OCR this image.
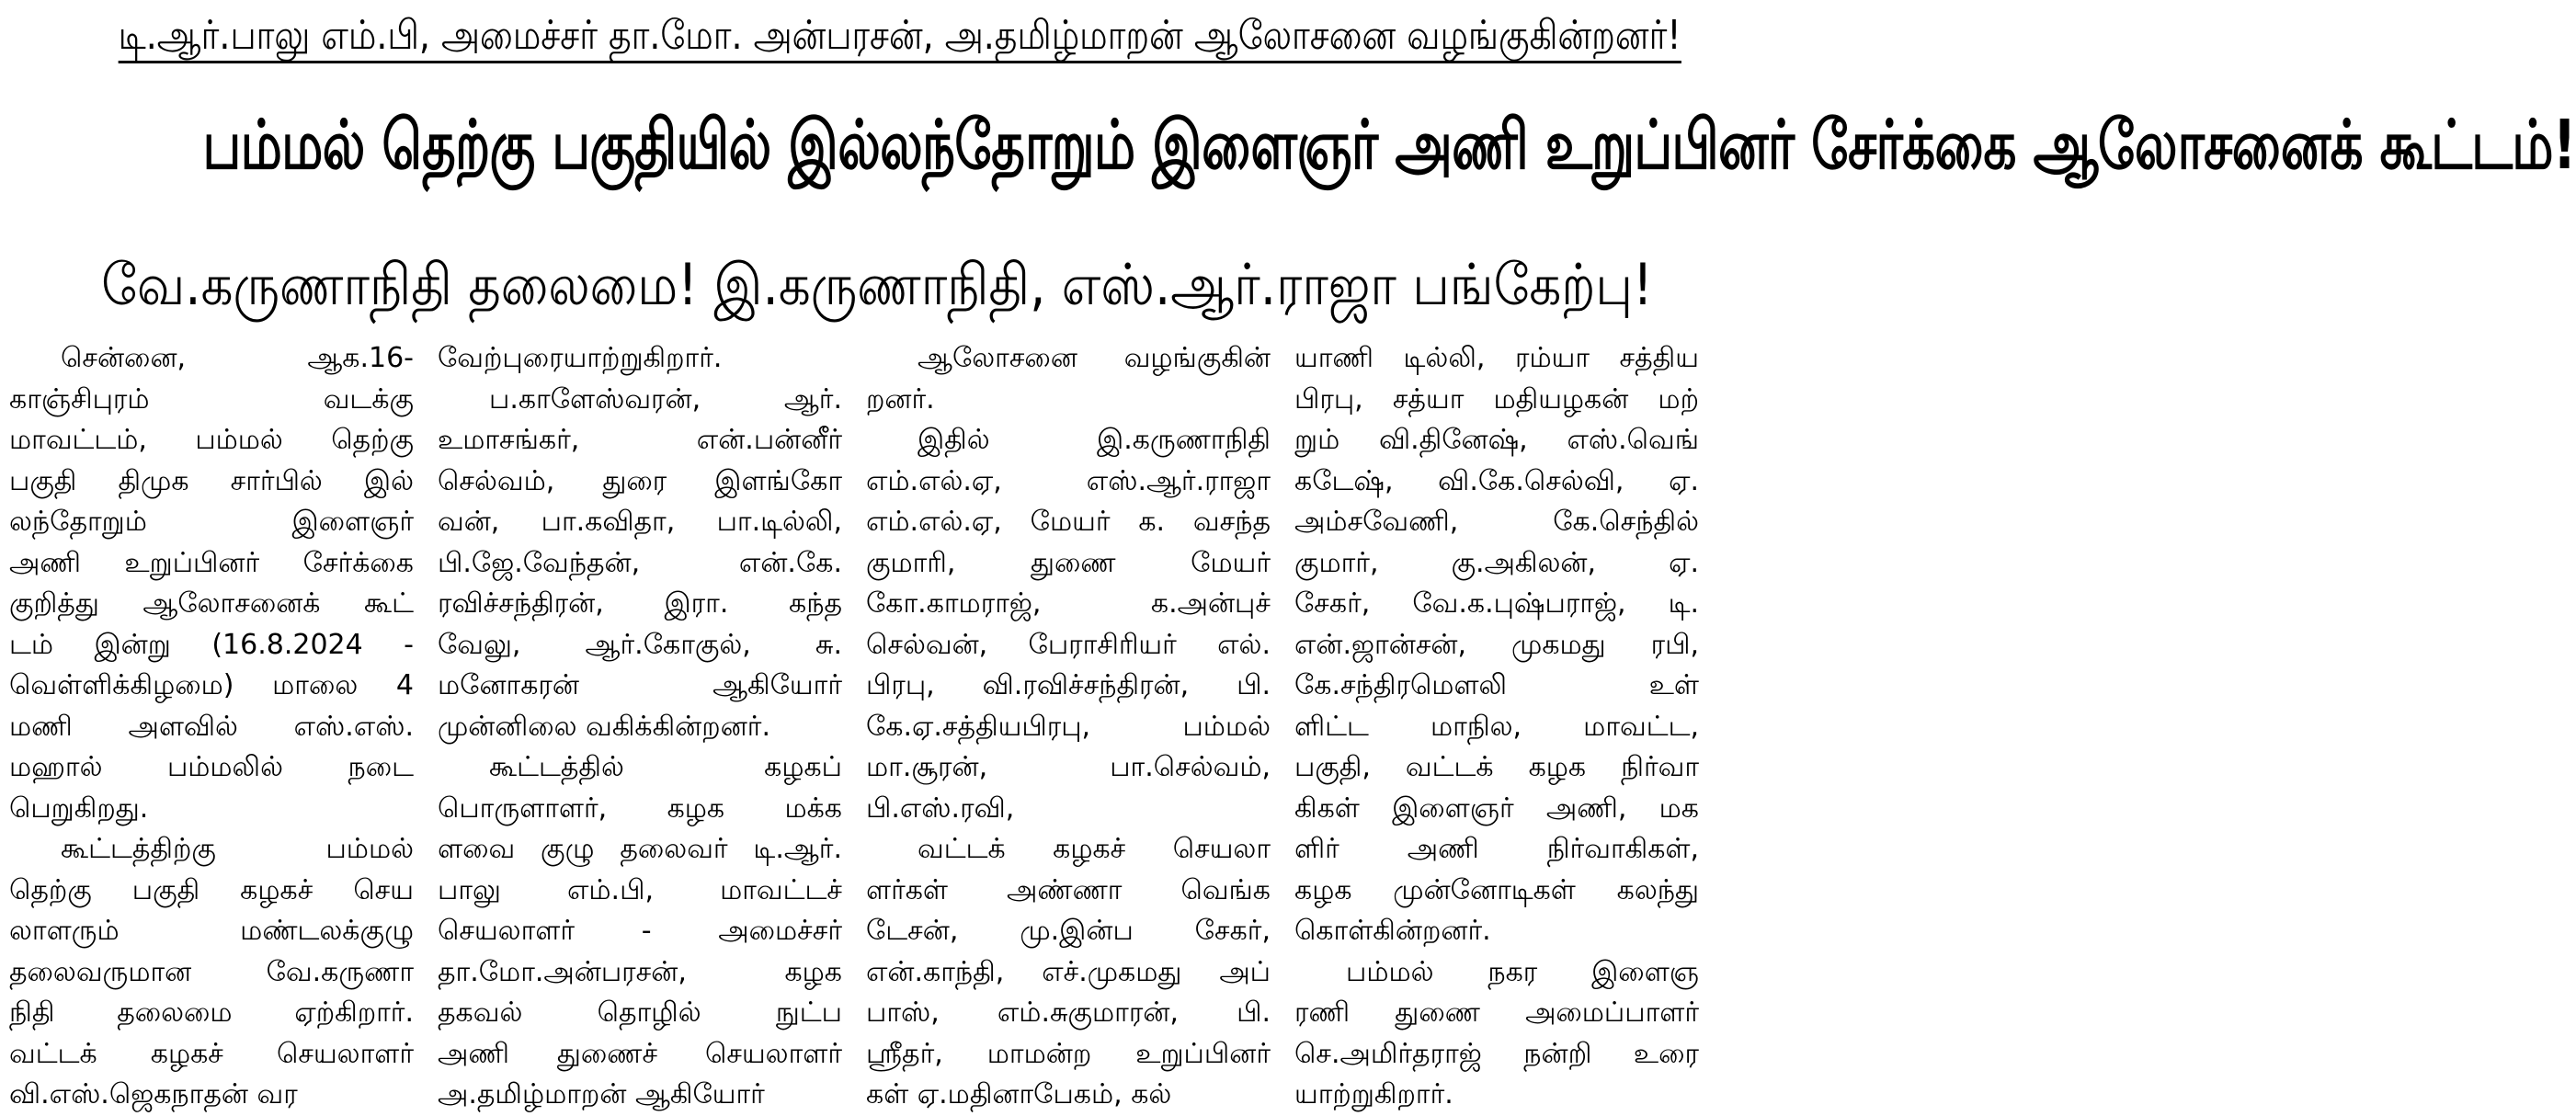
டி.ஆர்.பாலு எம்.பி, அமைச்சர் தா.மோ. அன்பரசன், அ.தமிழ்மாறன் ஆலோசனை வழங்குகின்றனர்!
பம்மல் தெற்கு பகுதியில் இல்லந்தோறும் இளைஞர் அணி உறுப்பினர் சேர்க்கை ஆலோசனைக் கூட்டம்!
வே.கருணாநிதி தலைமை! இ.கருணாநிதி, எஸ்.ஆர்.ராஜா பங்கேற்பு!
சென்னை, ஆக.16-
காஞ்சிபுரம் வடக்கு
மாவட்டம், பம்மல் தெற்கு
பகுதி திமுக சார்பில் இல்
லந்தோறும் இளைஞர்
அணி உறுப்பினர் சேர்க்கை
குறித்து ஆலோசனைக் கூட்
டம் இன்று (16.8.2024 -
வெள்ளிக்கிழமை) மாலை 4
மணி அளவில் எஸ்.எஸ்.
மஹால் பம்மலில் நடை
பெறுகிறது.
கூட்டத்திற்கு பம்மல்
தெற்கு பகுதி கழகச் செய
லாளரும் மண்டலக்குழு
தலைவருமான வே.கருணா
நிதி தலைமை ஏற்கிறார்.
வட்டக் கழகச் செயலாளர்
வி.எஸ்.ஜெகநாதன் வர
வேற்புரையாற்றுகிறார்.
ப.காளேஸ்வரன், ஆர்.
உமாசங்கர், என்.பன்னீர்
செல்வம், துரை இளங்கோ
வன், பா.கவிதா, பா.டில்லி,
பி.ஜே.வேந்தன், என்.கே.
ரவிச்சந்திரன், இரா. கந்த
வேலு, ஆர்.கோகுல், சு.
மனோகரன் ஆகியோர்
முன்னிலை வகிக்கின்றனர்.
கூட்டத்தில் கழகப்
பொருளாளர், கழக மக்க
ளவை குழு தலைவர் டி.ஆர்.
பாலு எம்.பி, மாவட்டச்
செயலாளர் - அமைச்சர்
தா.மோ.அன்பரசன், கழக
தகவல் தொழில் நுட்ப
அணி துணைச் செயலாளர்
அ.தமிழ்மாறன் ஆகியோர்
ஆலோசனை வழங்குகின்
றனர்.
இதில் இ.கருணாநிதி
எம்.எல்.ஏ, எஸ்.ஆர்.ராஜா
எம்.எல்.ஏ, மேயர் க. வசந்த
குமாரி, துணை மேயர்
கோ.காமராஜ், க.அன்புச்
செல்வன், பேராசிரியர் எல்.
பிரபு, வி.ரவிச்சந்திரன், பி.
கே.ஏ.சத்தியபிரபு, பம்மல்
மா.சூரன், பா.செல்வம்,
பி.எஸ்.ரவி,
வட்டக் கழகச் செயலா
ளர்கள் அண்ணா வெங்க
டேசன், மு.இன்ப சேகர்,
என்.காந்தி, எச்.முகமது அப்
பாஸ், எம்.சுகுமாரன், பி.
ஸ்ரீதர், மாமன்ற உறுப்பினர்
கள் ஏ.மதினாபேகம், கல்
யாணி டில்லி, ரம்யா சத்திய
பிரபு, சத்யா மதியழகன் மற்
றும் வி.தினேஷ், எஸ்.வெங்
கடேஷ், வி.கே.செல்வி, ஏ.
அம்சவேணி, கே.செந்தில்
குமார், கு.அகிலன், ஏ.
சேகர், வே.க.புஷ்பராஜ், டி.
என்.ஜான்சன், முகமது ரபி,
கே.சந்திரமௌலி உள்
ளிட்ட மாநில, மாவட்ட,
பகுதி, வட்டக் கழக நிர்வா
கிகள் இளைஞர் அணி, மக
ளிர் அணி நிர்வாகிகள்,
கழக முன்னோடிகள் கலந்து
கொள்கின்றனர்.
பம்மல் நகர இளைஞ
ரணி துணை அமைப்பாளர்
செ.அமிர்தராஜ் நன்றி உரை
யாற்றுகிறார்.
